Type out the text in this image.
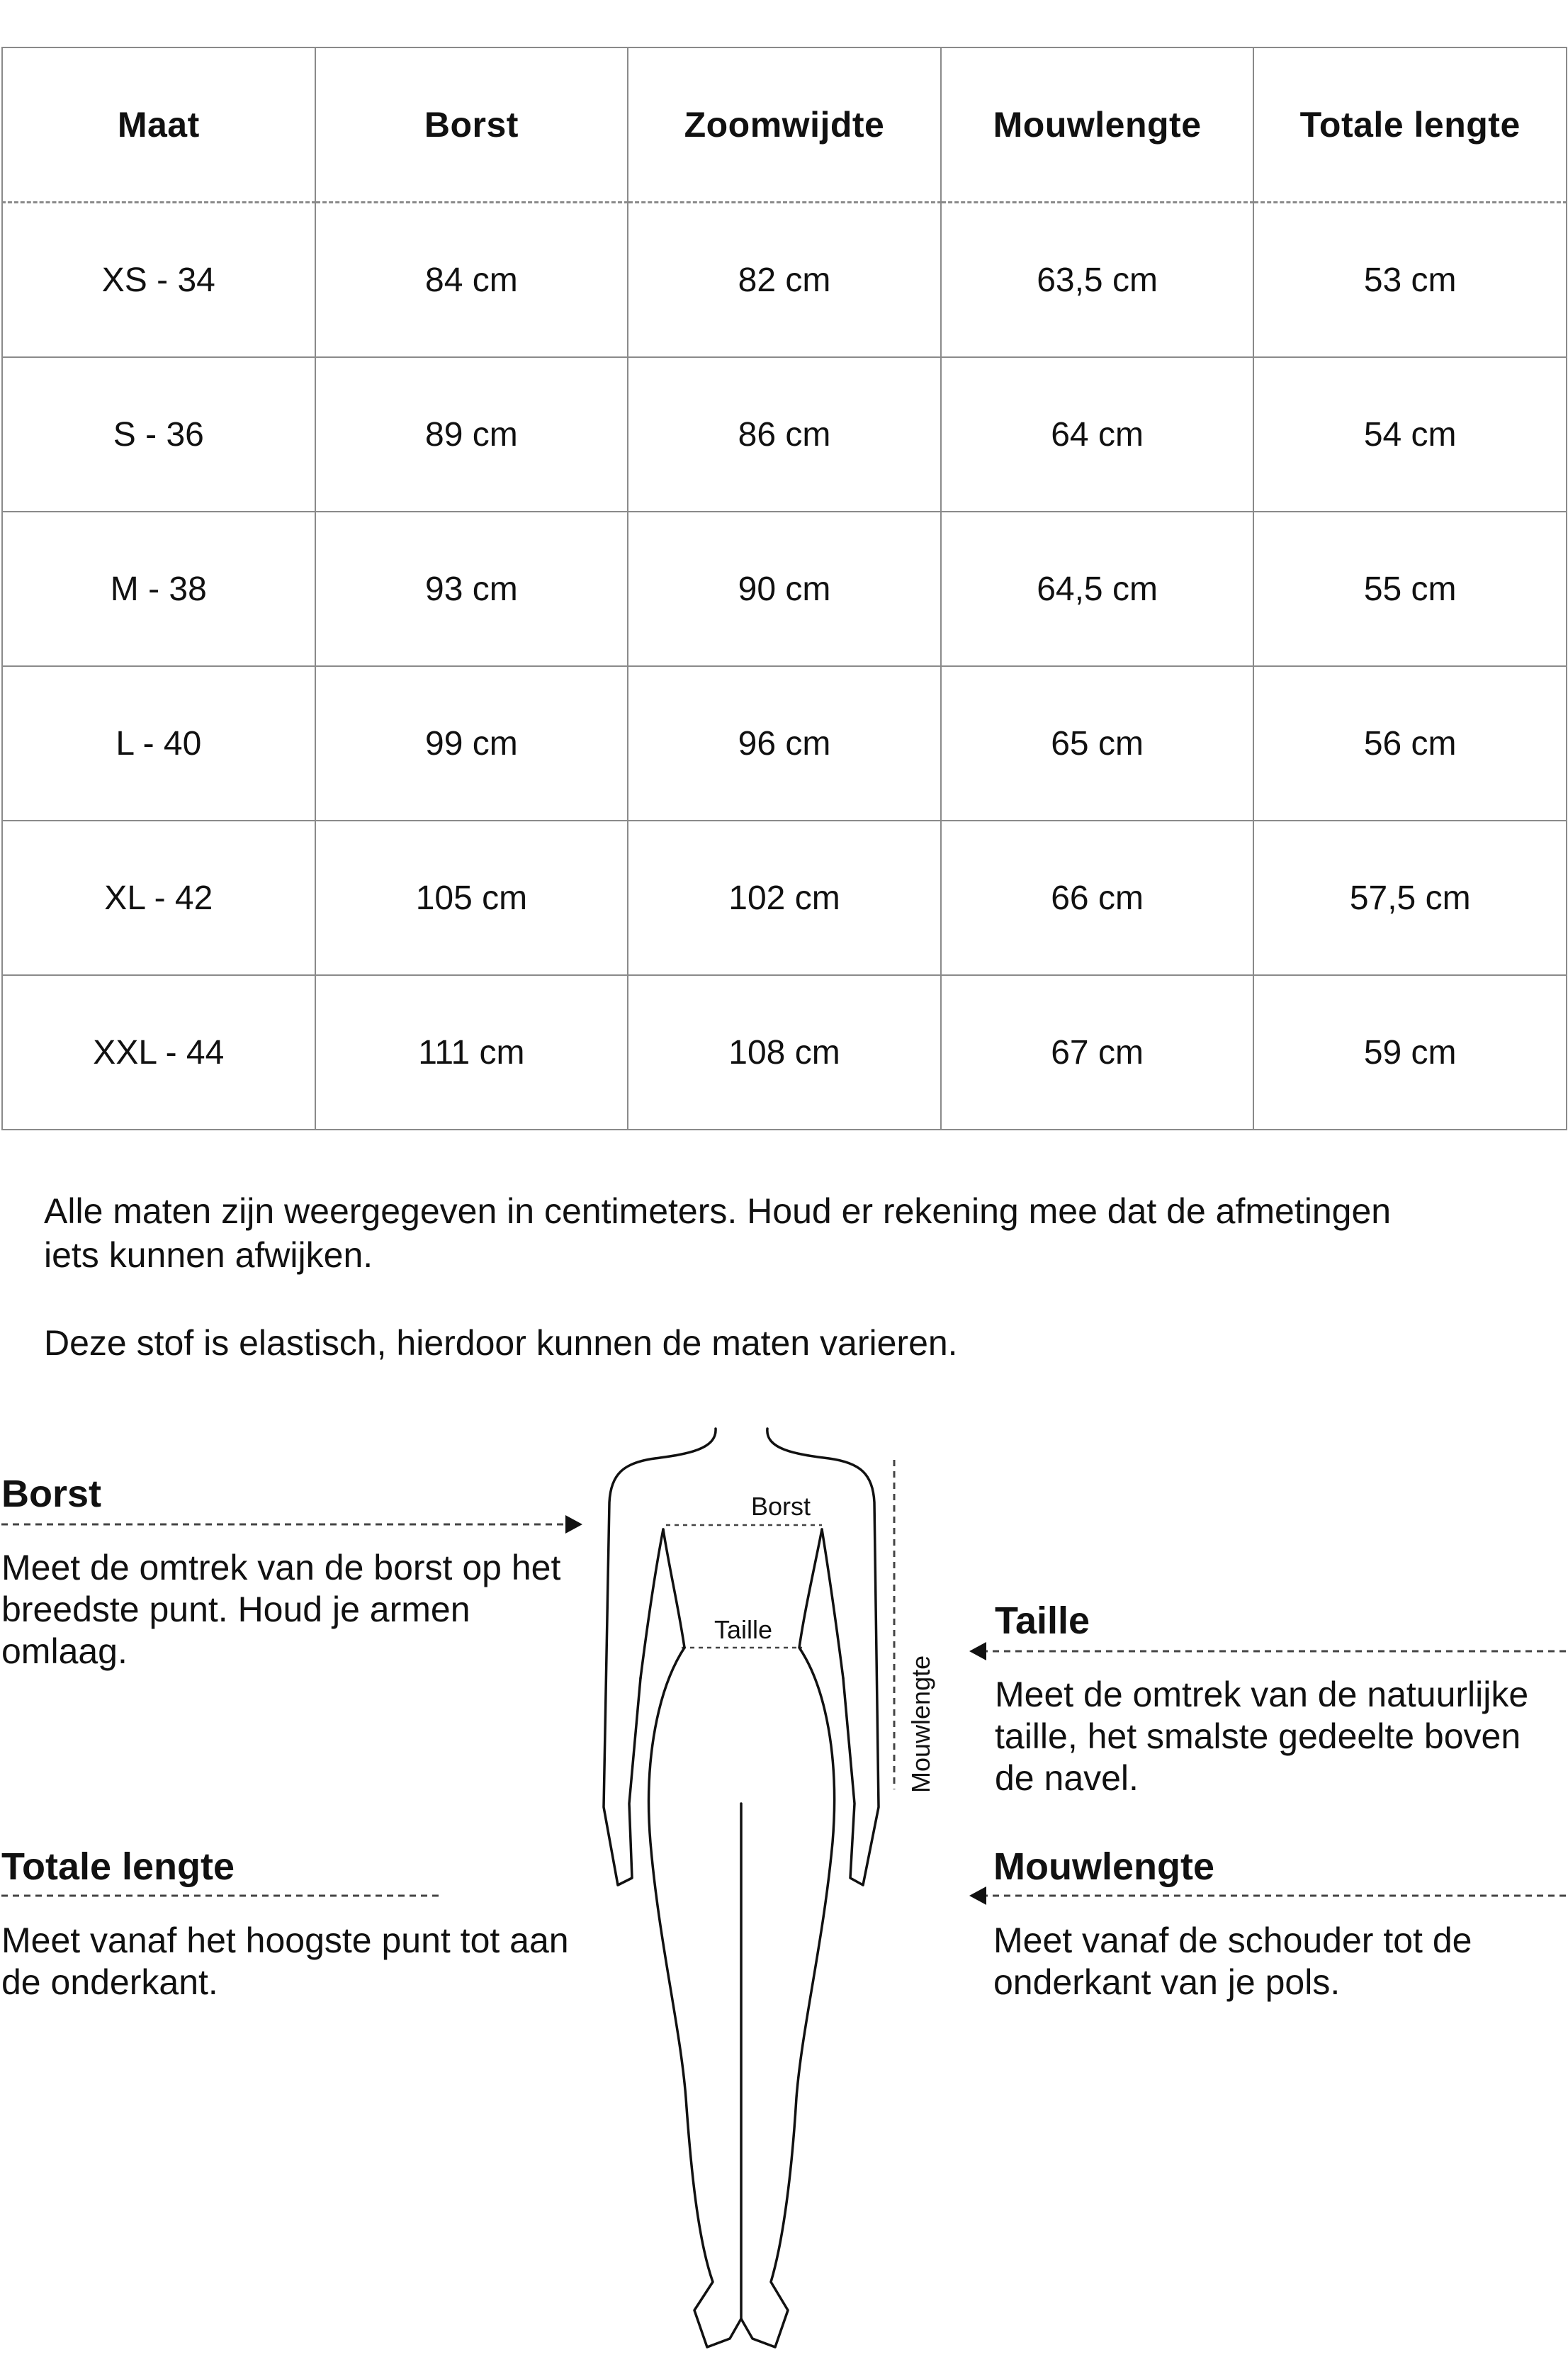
Maat	Borst	Zoomwijdte	Mouwlengte	Totale lengte
XS - 34	84 cm	82 cm	63,5 cm	53 cm
S - 36	89 cm	86 cm	64 cm	54 cm
M - 38	93 cm	90 cm	64,5 cm	55 cm
L - 40	99 cm	96 cm	65 cm	56 cm
XL - 42	105 cm	102 cm	66 cm	57,5 cm
XXL - 44	111 cm	108 cm	67 cm	59 cm

Alle maten zijn weergegeven in centimeters. Houd er rekening mee dat de afmetingen iets kunnen afwijken.

Deze stof is elastisch, hierdoor kunnen de maten varieren.

Borst
Taille
Mouwlengte

Borst

Meet de omtrek van de borst op het breedste punt. Houd je armen omlaag.

Taille

Meet de omtrek van de natuurlijke taille, het smalste gedeelte boven de navel.

Totale lengte

Meet vanaf het hoogste punt tot aan de onderkant.

Mouwlengte

Meet vanaf de schouder tot de onderkant van je pols.
